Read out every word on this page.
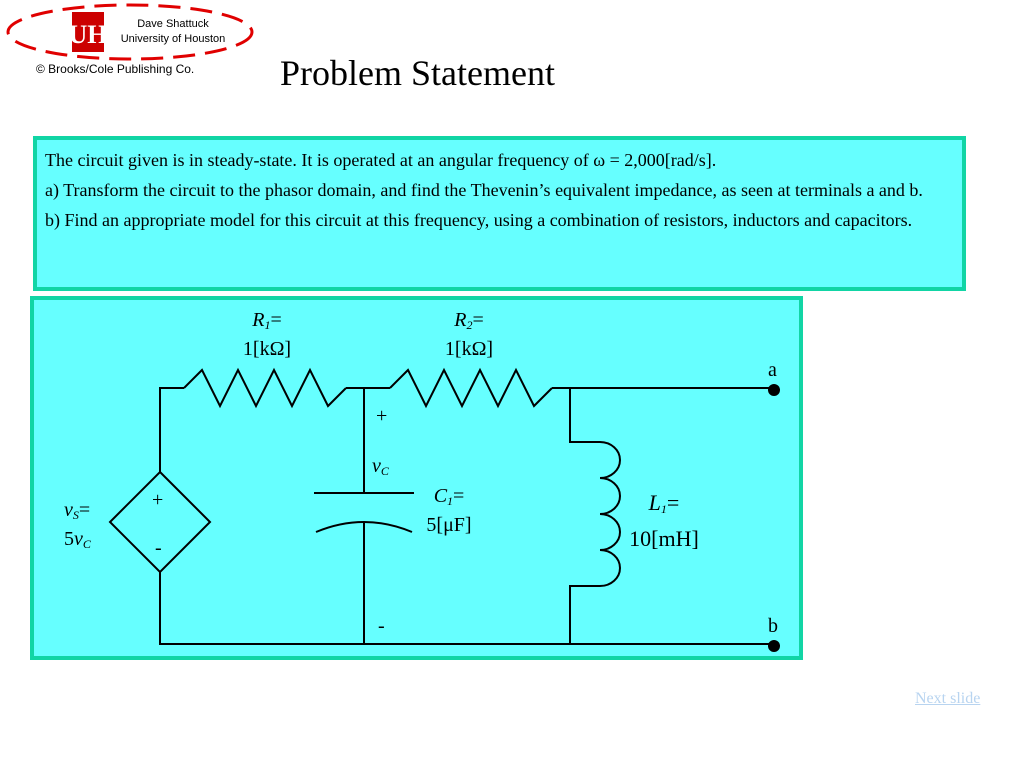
UH	Dave Shattuck
University of Houston
© Brooks/Cole Publishing Co. Problem Statement

The circuit given is in steady-state. It is operated at an angular frequency of ω = 2,000[rad/s].

a) Transform the circuit to the phasor domain, and find the Thevenin’s equivalent impedance, as seen at terminals a and b.

b) Find an appropriate model for this circuit at this frequency, using a combination of resistors, inductors and capacitors.

$R_1=$
1[kΩ]
$R_2=$
1[kΩ]
+
$v_C$
-
$C_1=$
5[μF]
$L_1=$
10[mH]
+
-
$v_S=$
$5v_C$
a
b
Next slide
